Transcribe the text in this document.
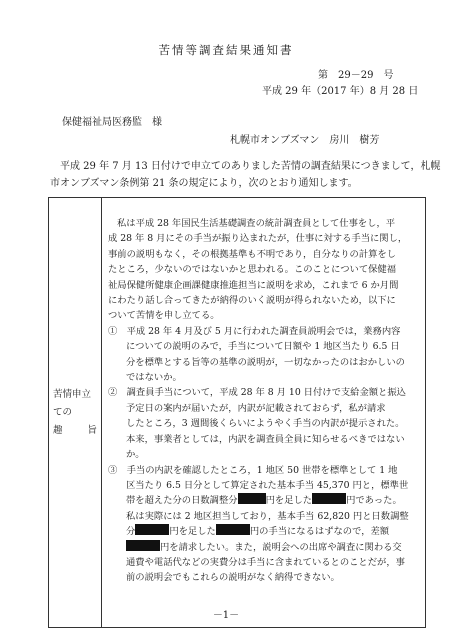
苦情等調査結果通知書
第　29－29　号
平成 29 年（2017 年）8 月 28 日
保健福祉局医務監　様
札幌市オンブズマン　房川　樹芳
平成 29 年 7 月 13 日付けで申立てのありました苦情の調査結果につきまして，札幌
市オンブズマン条例第 21 条の規定により，次のとおり通知します。
苦情申立ての
趣	旨

私は平成 28 年国民生活基礎調査の統計調査員として仕事をし，平
成 28 年 8 月にその手当が振り込まれたが，仕事に対する手当に関し，
事前の説明もなく，その根拠基準も不明であり，自分なりの計算をし
たところ，少ないのではないかと思われる。このことについて保健福
祉局保健所健康企画課健康推進担当に説明を求め，これまで 6 か月間
にわたり話し合ってきたが納得のいく説明が得られないため，以下に
ついて苦情を申し立てる。
①　平成 28 年 4 月及び 5 月に行われた調査員説明会では，業務内容
についての説明のみで，手当について日額や 1 地区当たり 6.5 日
分を標準とする旨等の基準の説明が，一切なかったのはおかしいの
ではないか。
②　調査員手当について，平成 28 年 8 月 10 日付けで支給金額と振込
予定日の案内が届いたが，内訳が記載されておらず，私が請求
したところ，3 週間後くらいにようやく手当の内訳が提示された。
本来，事業者としては，内訳を調査員全員に知らせるべきではない
か。
③　手当の内訳を確認したところ，1 地区 50 世帯を標準として 1 地
区当たり 6.5 日分として算定された基本手当 45,370 円と，標準世
帯を超えた分の日数調整分	円を足した	円であった。
私は実際には 2 地区担当しており，基本手当 62,820 円と日数調整
分	円を足した	円の手当になるはずなので，差額
円を請求したい。また，説明会への出席や調査に関わる交
通費や電話代などの実費分は手当に含まれているとのことだが，事
前の説明会でもこれらの説明がなく納得できない。
－1－
